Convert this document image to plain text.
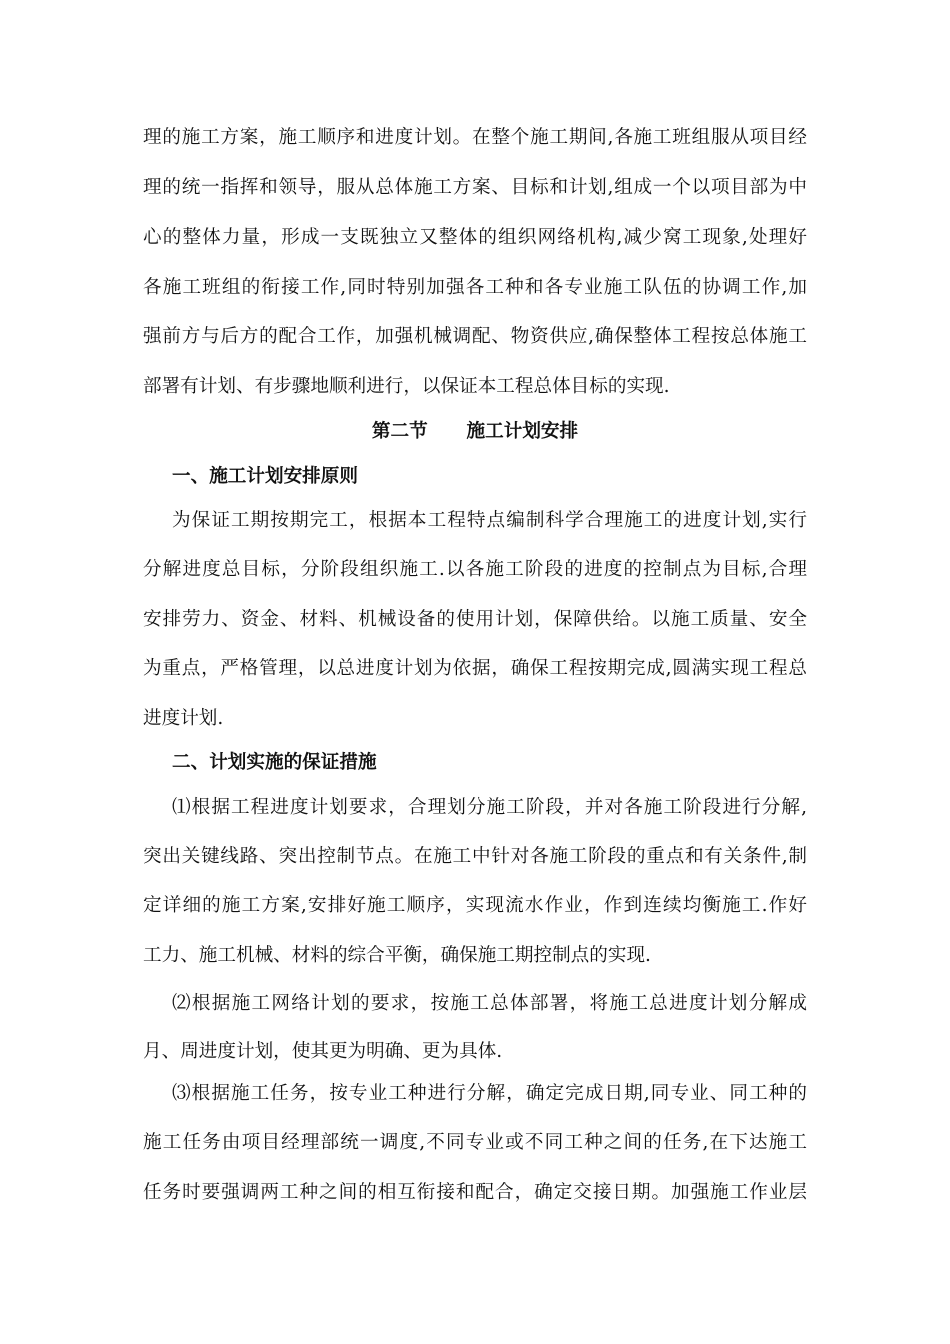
理的施工方案，施工顺序和进度计划。在整个施工期间,各施工班组服从项目经
理的统一指挥和领导，服从总体施工方案、目标和计划,组成一个以项目部为中
心的整体力量，形成一支既独立又整体的组织网络机构,减少窝工现象,处理好
各施工班组的衔接工作,同时特别加强各工种和各专业施工队伍的协调工作,加
强前方与后方的配合工作，加强机械调配、物资供应,确保整体工程按总体施工
部署有计划、有步骤地顺利进行，以保证本工程总体目标的实现.
第二节 施工计划安排
一、施工计划安排原则
为保证工期按期完工，根据本工程特点编制科学合理施工的进度计划,实行
分解进度总目标，分阶段组织施工.以各施工阶段的进度的控制点为目标,合理
安排劳力、资金、材料、机械设备的使用计划，保障供给。以施工质量、安全
为重点，严格管理，以总进度计划为依据，确保工程按期完成,圆满实现工程总
进度计划.
二、计划实施的保证措施
⑴根据工程进度计划要求，合理划分施工阶段，并对各施工阶段进行分解,
突出关键线路、突出控制节点。在施工中针对各施工阶段的重点和有关条件,制
定详细的施工方案,安排好施工顺序，实现流水作业，作到连续均衡施工.作好
工力、施工机械、材料的综合平衡，确保施工期控制点的实现.
⑵根据施工网络计划的要求，按施工总体部署，将施工总进度计划分解成
月、周进度计划，使其更为明确、更为具体.
⑶根据施工任务，按专业工种进行分解，确定完成日期,同专业、同工种的
施工任务由项目经理部统一调度,不同专业或不同工种之间的任务,在下达施工
任务时要强调两工种之间的相互衔接和配合，确定交接日期。加强施工作业层
